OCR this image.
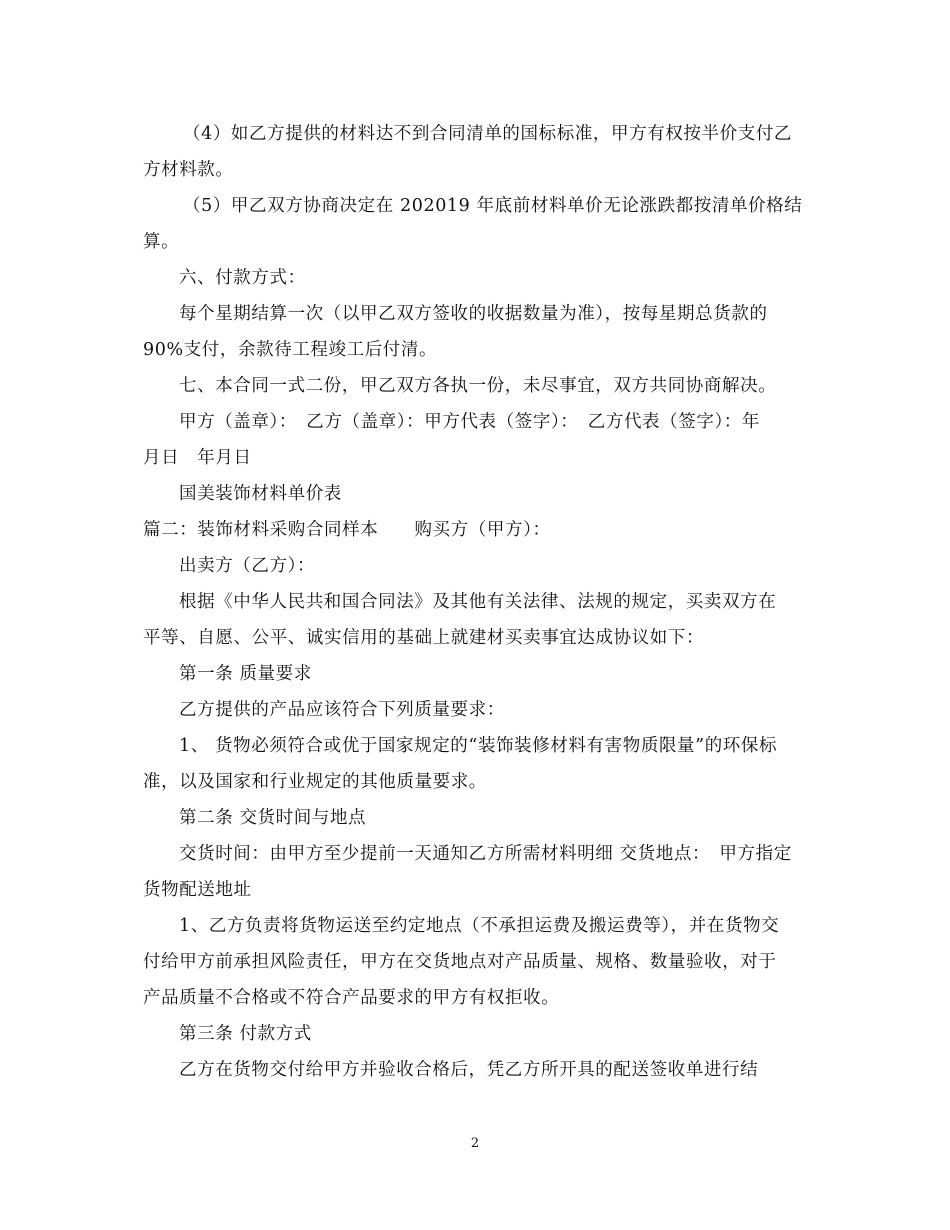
（4）如乙方提供的材料达不到合同清单的国标标准，甲方有权按半价支付乙

方材料款。

（5）甲乙双方协商决定在 202019 年底前材料单价无论涨跌都按清单价格结

算。

六、付款方式：

每个星期结算一次（以甲乙双方签收的收据数量为准），按每星期总货款的

90%支付，余款待工程竣工后付清。

七、本合同一式二份，甲乙双方各执一份，未尽事宜，双方共同协商解决。

甲方（盖章）：　乙方（盖章）：甲方代表（签字）：　乙方代表（签字）：年

月日　年月日

国美装饰材料单价表

篇二：装饰材料采购合同样本　　购买方（甲方）：

出卖方（乙方）：

根据《中华人民共和国合同法》及其他有关法律、法规的规定，买卖双方在

平等、自愿、公平、诚实信用的基础上就建材买卖事宜达成协议如下：

第一条 质量要求

乙方提供的产品应该符合下列质量要求：

1、 货物必须符合或优于国家规定的“装饰装修材料有害物质限量”的环保标

准，以及国家和行业规定的其他质量要求。

第二条 交货时间与地点

交货时间：由甲方至少提前一天通知乙方所需材料明细 交货地点：　甲方指定

货物配送地址

1、乙方负责将货物运送至约定地点（不承担运费及搬运费等），并在货物交

付给甲方前承担风险责任，甲方在交货地点对产品质量、规格、数量验收，对于

产品质量不合格或不符合产品要求的甲方有权拒收。

第三条 付款方式

乙方在货物交付给甲方并验收合格后，凭乙方所开具的配送签收单进行结

2
